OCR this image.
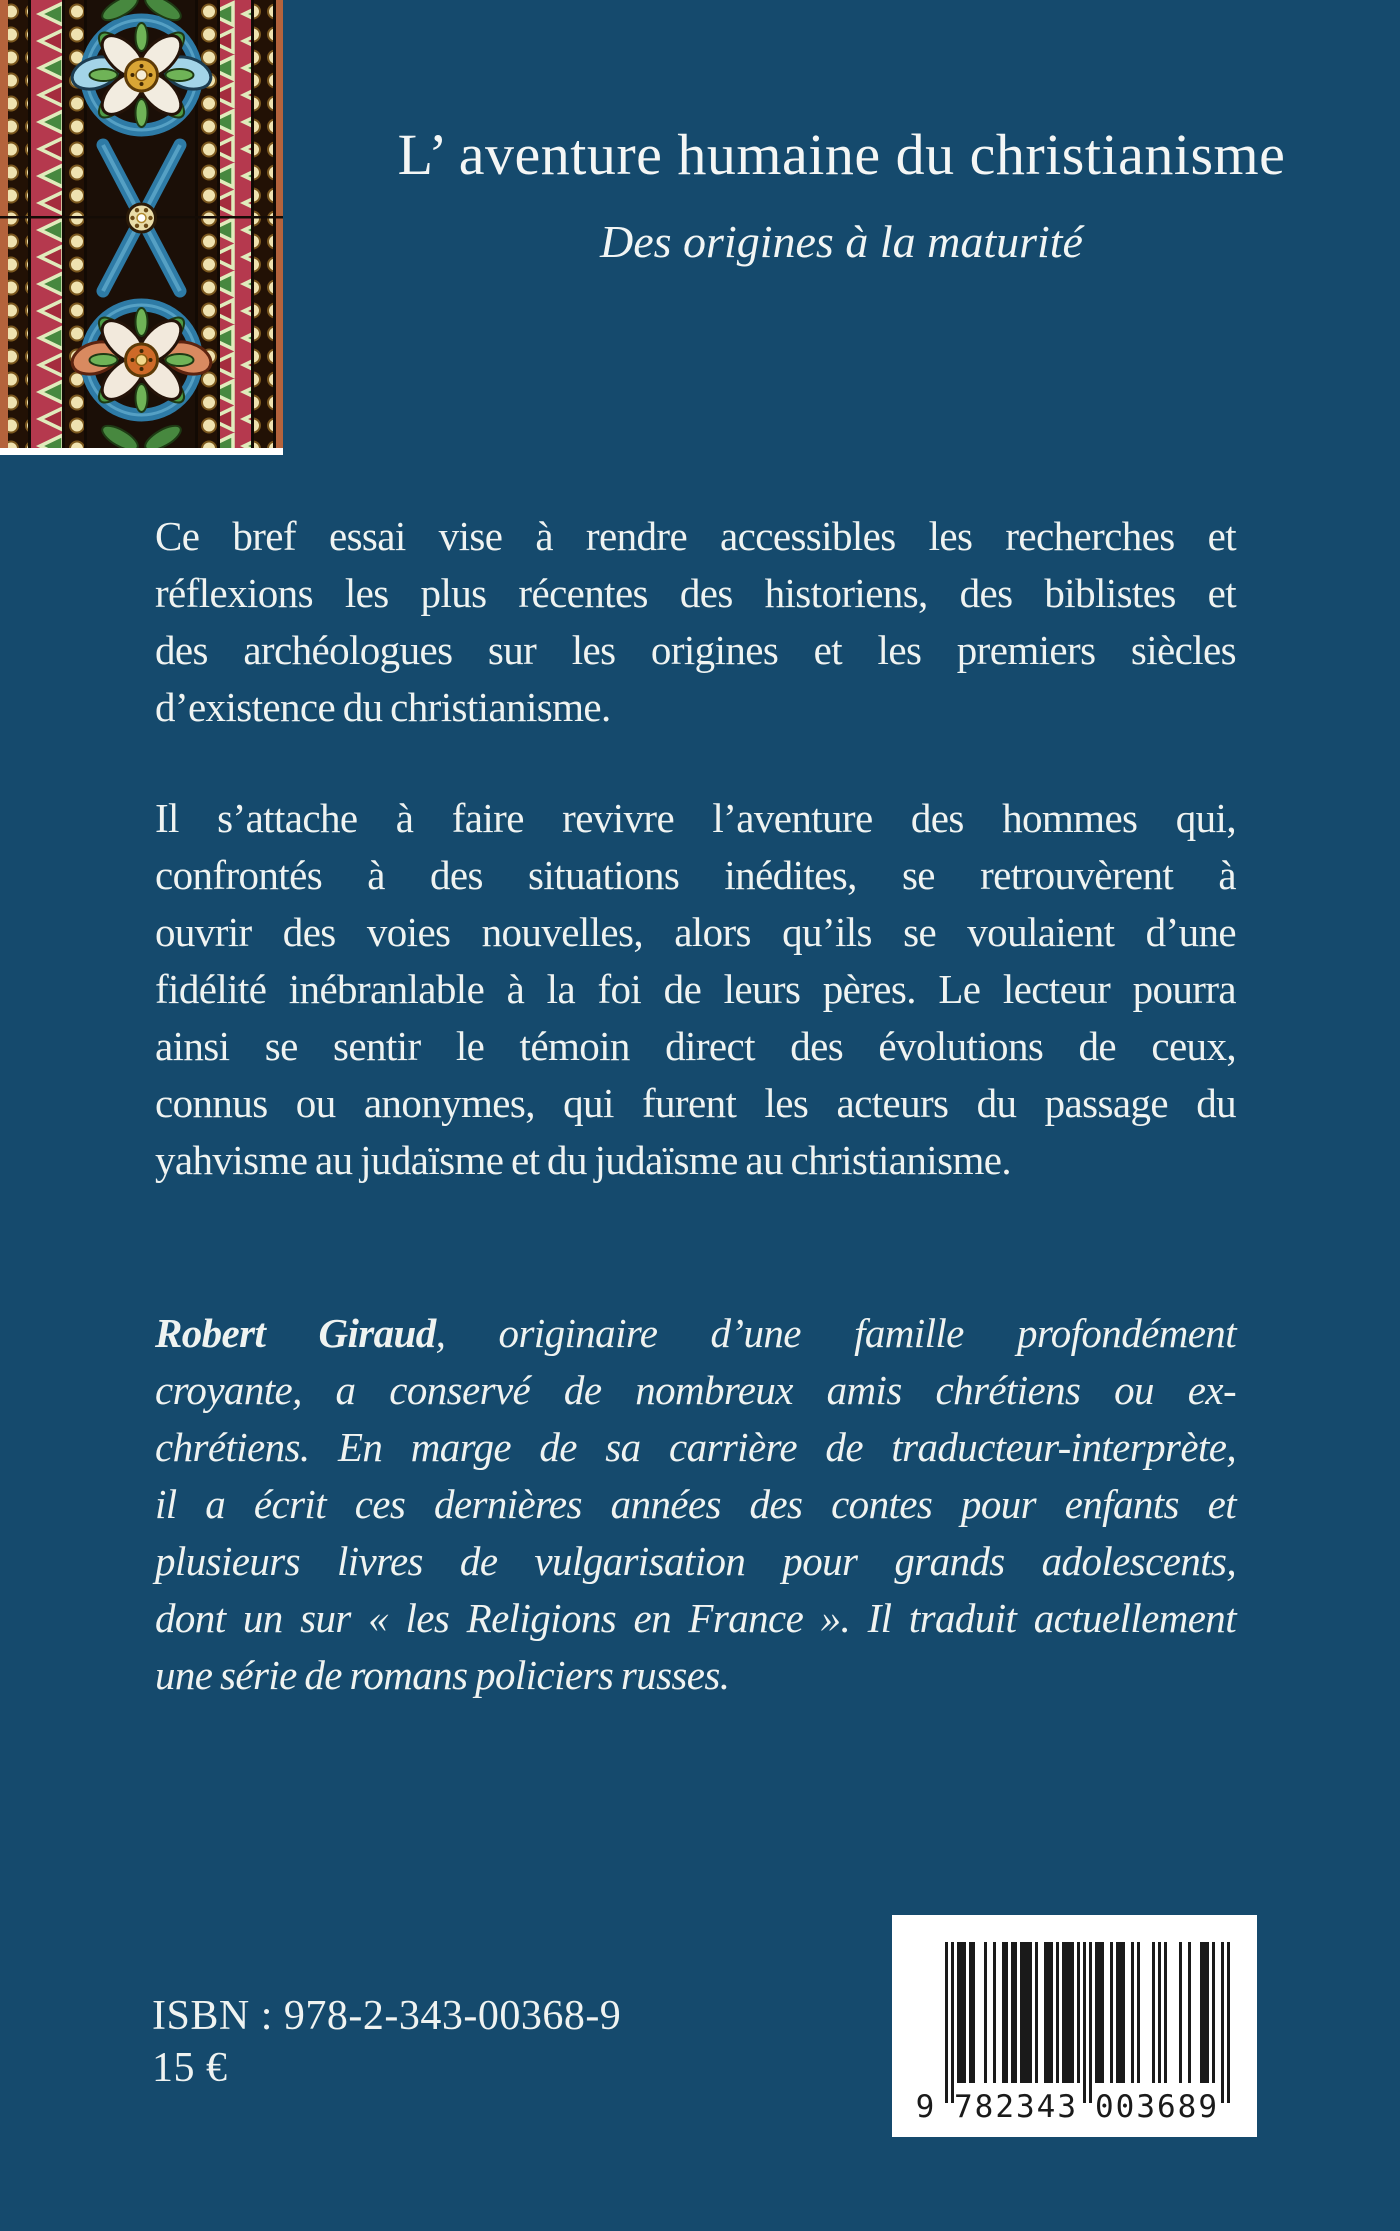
L’ aventure humaine du christianisme
Des origines à la maturité
Ce bref essai vise à rendre accessibles les recherches et
réflexions les plus récentes des historiens, des biblistes et
des archéologues sur les origines et les premiers siècles
d’existence du christianisme.
Il s’attache à faire revivre l’aventure des hommes qui,
confrontés à des situations inédites, se retrouvèrent à
ouvrir des voies nouvelles, alors qu’ils se voulaient d’une
fidélité inébranlable à la foi de leurs pères. Le lecteur pourra
ainsi se sentir le témoin direct des évolutions de ceux,
connus ou anonymes, qui furent les acteurs du passage du
yahvisme au judaïsme et du judaïsme au christianisme.
Robert Giraud, originaire d’une famille profondément
croyante, a conservé de nombreux amis chrétiens ou ex-
chrétiens. En marge de sa carrière de traducteur-interprète,
il a écrit ces dernières années des contes pour enfants et
plusieurs livres de vulgarisation pour grands adolescents,
dont un sur « les Religions en France ». Il traduit actuellement
une série de romans policiers russes.
ISBN : 978-2-343-00368-9
15 €
9 782343 003689
